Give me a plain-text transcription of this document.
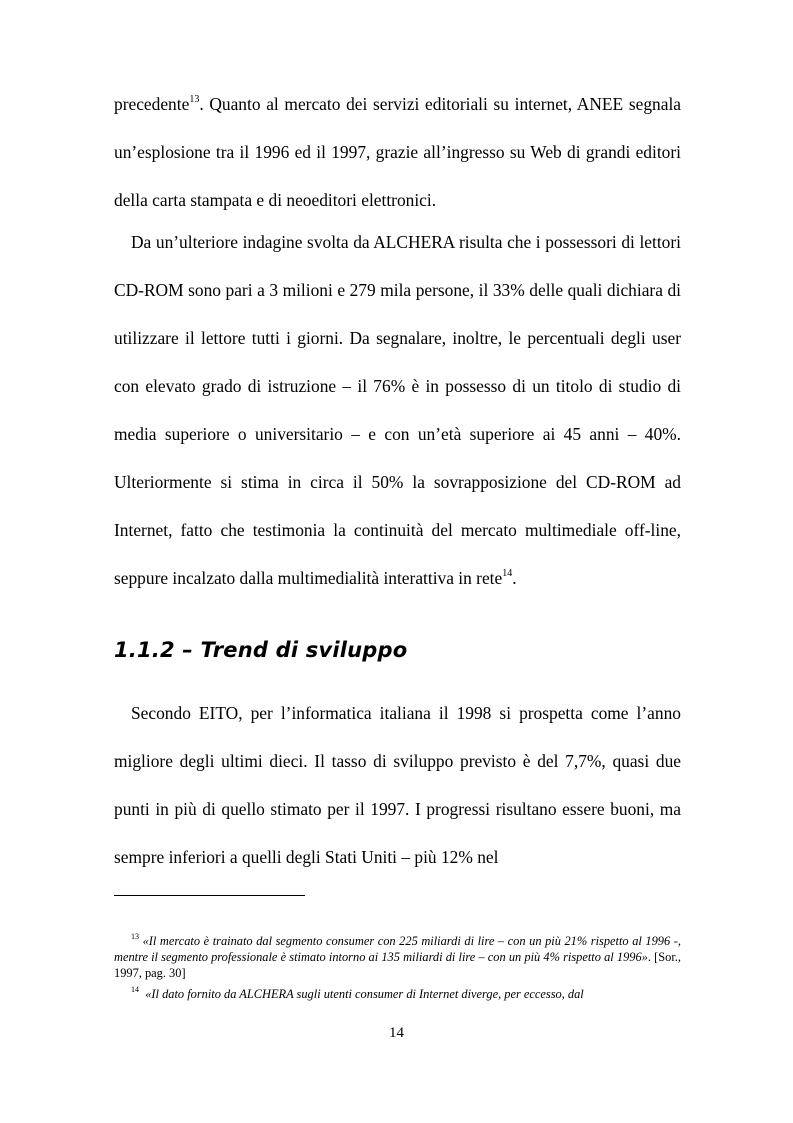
precedente$^{13}$. Quanto al mercato dei servizi editoriali su internet, ANEE segnala un’esplosione tra il 1996 ed il 1997, grazie all’ingresso su Web di grandi editori della carta stampata e di neoeditori elettronici.

Da un’ulteriore indagine svolta da ALCHERA risulta che i possessori di lettori CD-ROM sono pari a 3 milioni e 279 mila persone, il 33% delle quali dichiara di utilizzare il lettore tutti i giorni. Da segnalare, inoltre, le percentuali degli user con elevato grado di istruzione – il 76% è in possesso di un titolo di studio di media superiore o universitario – e con un’età superiore ai 45 anni – 40%. Ulteriormente si stima in circa il 50% la sovrapposizione del CD-ROM ad Internet, fatto che testimonia la continuità del mercato multimediale off-line, seppure incalzato dalla multimedialità interattiva in rete$^{14}$.

1.1.2 – Trend di sviluppo

Secondo EITO, per l’informatica italiana il 1998 si prospetta come l’anno migliore degli ultimi dieci. Il tasso di sviluppo previsto è del 7,7%, quasi due punti in più di quello stimato per il 1997. I progressi risultano essere buoni, ma sempre inferiori a quelli degli Stati Uniti – più 12% nel

$^{13}$ «Il mercato è trainato dal segmento consumer con 225 miliardi di lire – con un più 21% rispetto al 1996 -, mentre il segmento professionale è stimato intorno ai 135 miliardi di lire – con un più 4% rispetto al 1996». [Sor., 1997, pag. 30]

$^{14}$ «Il dato fornito da ALCHERA sugli utenti consumer di Internet diverge, per eccesso, dal

14
